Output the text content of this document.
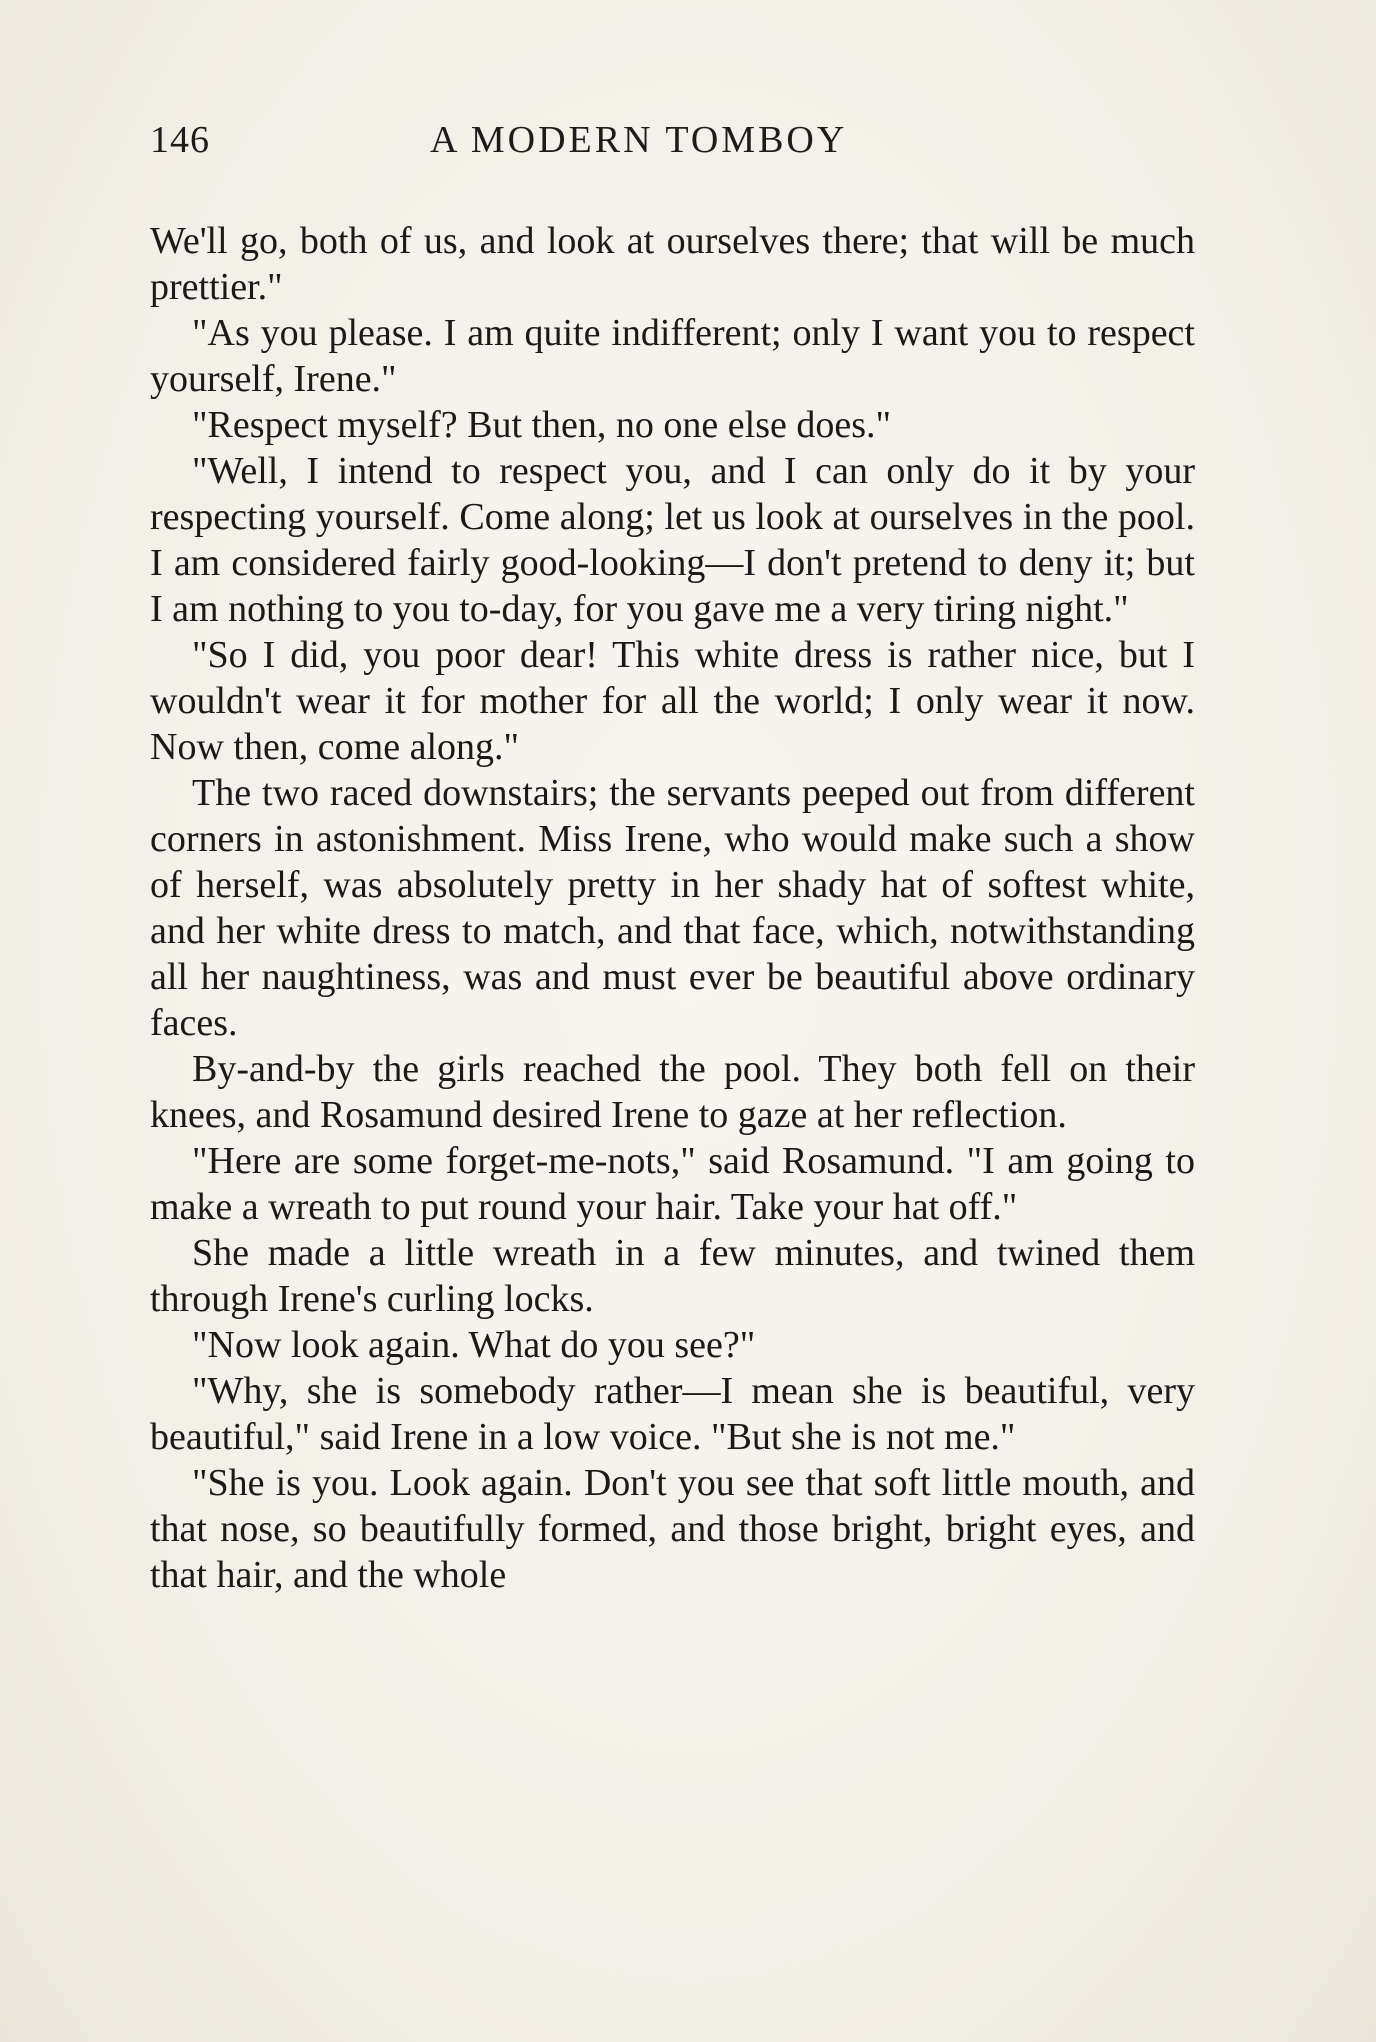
146	A MODERN TOMBOY

We'll go, both of us, and look at ourselves there; that will be much prettier."

"As you please. I am quite indifferent; only I want you to respect yourself, Irene."

"Respect myself? But then, no one else does."

"Well, I intend to respect you, and I can only do it by your respecting yourself. Come along; let us look at ourselves in the pool. I am considered fairly good-looking—I don't pretend to deny it; but I am nothing to you to-day, for you gave me a very tiring night."

"So I did, you poor dear! This white dress is rather nice, but I wouldn't wear it for mother for all the world; I only wear it now. Now then, come along."

The two raced downstairs; the servants peeped out from different corners in astonishment. Miss Irene, who would make such a show of herself, was absolutely pretty in her shady hat of softest white, and her white dress to match, and that face, which, notwithstanding all her naughtiness, was and must ever be beautiful above ordinary faces.

By-and-by the girls reached the pool. They both fell on their knees, and Rosamund desired Irene to gaze at her reflection.

"Here are some forget-me-nots," said Rosamund. "I am going to make a wreath to put round your hair. Take your hat off."

She made a little wreath in a few minutes, and twined them through Irene's curling locks.

"Now look again. What do you see?"

"Why, she is somebody rather—I mean she is beautiful, very beautiful," said Irene in a low voice. "But she is not me."

"She is you. Look again. Don't you see that soft little mouth, and that nose, so beautifully formed, and those bright, bright eyes, and that hair, and the whole
